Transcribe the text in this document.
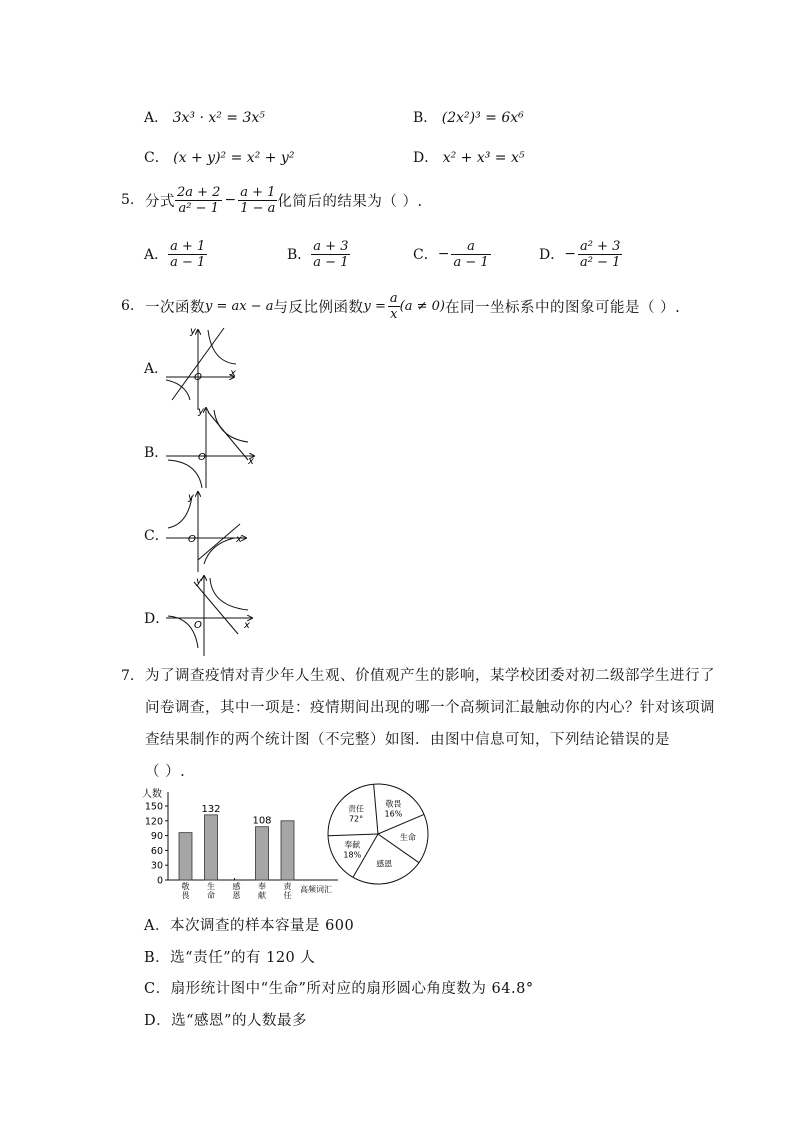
A． 3x³ · x² = 3x⁵	B． (2x²)³ = 6x⁶
C． (x + y)² = x² + y²	D． x² + x³ = x⁵
5. 分式 $\frac{2a + 2}{\text{a² − 1}} - \frac{a + 1}{1 - a}$ 化简后的结果为（ ）.
A． $\frac{a + 1}{a - 1}$	B． $\frac{a + 3}{a - 1}$	C． − $\frac{a}{a - 1}$	D． − $\frac{\text{a² + 3}}{\text{a² − 1}}$
6. 一次函数 y = ax − a 与反比例函数 $y = \frac{a}{x} (a \ne 0)$ 在同一坐标系中的图象可能是（ ）.
A．
y
x
O
B．
y
x
O
C．
y
x
O
D．
y
x
O
7. 为了调查疫情对青少年人生观、价值观产生的影响，某学校团委对初二级部学生进行了
问卷调查，其中一项是：疫情期间出现的哪一个高频词汇最触动你的内心？针对该项调
查结果制作的两个统计图（不完整）如图．由图中信息可知，下列结论错误的是
（ ）.
人数
高频词汇
0
30
60
90
120
150
敬
畏
132
生
命
感
恩
108
奉
献
责
任
责任
72°
敬畏
16%
生命
感恩
奉献
18%
A．本次调查的样本容量是 600
B．选“责任”的有 120 人
C．扇形统计图中“生命”所对应的扇形圆心角度数为 64.8°
D．选“感恩”的人数最多
